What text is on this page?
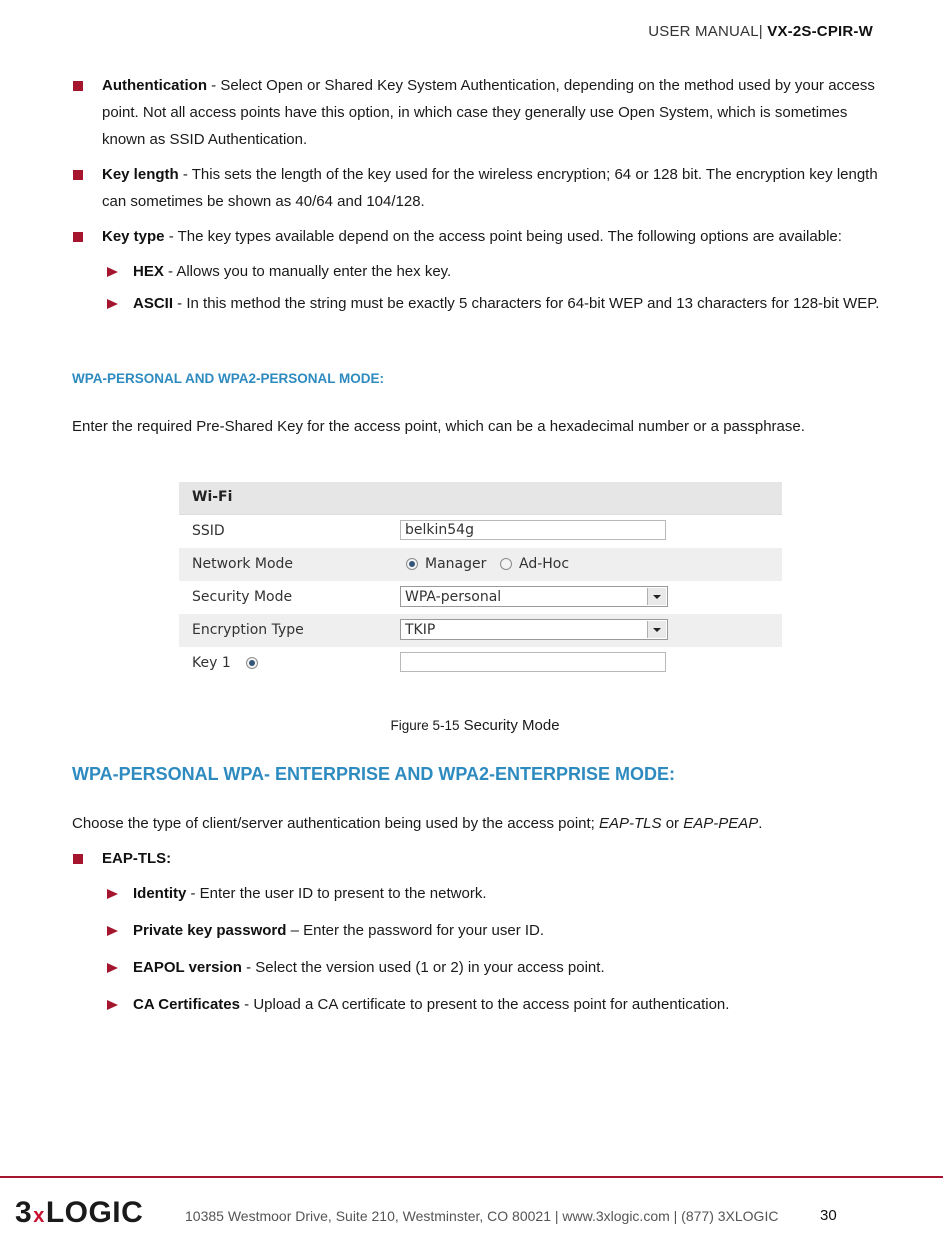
USER MANUAL| VX-2S-CPIR-W
Authentication - Select Open or Shared Key System Authentication, depending on the method used by your access point. Not all access points have this option, in which case they generally use Open System, which is sometimes known as SSID Authentication.
Key length - This sets the length of the key used for the wireless encryption; 64 or 128 bit. The encryption key length can sometimes be shown as 40/64 and 104/128.
Key type - The key types available depend on the access point being used. The following options are available:
HEX - Allows you to manually enter the hex key.
ASCII - In this method the string must be exactly 5 characters for 64-bit WEP and 13 characters for 128-bit WEP.
WPA-PERSONAL AND WPA2-PERSONAL MODE:
Enter the required Pre-Shared Key for the access point, which can be a hexadecimal number or a passphrase.
Wi-Fi
SSID	belkin54g
Network Mode	Manager Ad-Hoc
Security Mode	WPA-personal
Encryption Type	TKIP
Key 1
Figure 5-15 Security Mode
WPA-PERSONAL WPA- ENTERPRISE AND WPA2-ENTERPRISE MODE:
Choose the type of client/server authentication being used by the access point; EAP-TLS or EAP-PEAP.
EAP-TLS:
Identity - Enter the user ID to present to the network.
Private key password – Enter the password for your user ID.
EAPOL version - Select the version used (1 or 2) in your access point.
CA Certificates - Upload a CA certificate to present to the access point for authentication.
3xLOGIC	10385 Westmoor Drive, Suite 210, Westminster, CO 80021 | www.3xlogic.com | (877) 3XLOGIC	30
